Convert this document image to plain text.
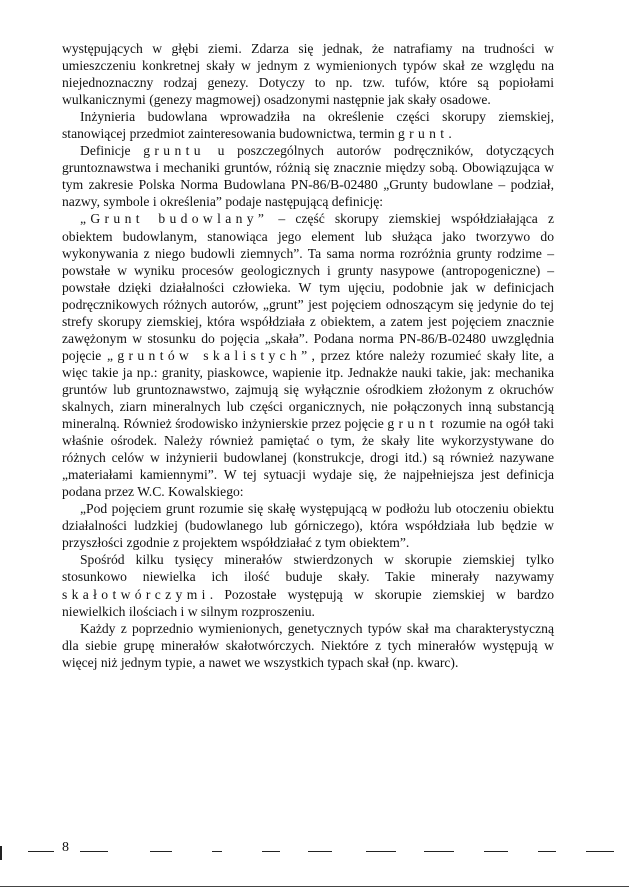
występujących w głębi ziemi. Zdarza się jednak, że natrafiamy na trudności w umieszczeniu konkretnej skały w jednym z wymienionych typów skał ze względu na niejednoznaczny rodzaj genezy. Dotyczy to np. tzw. tufów, które są popiołami wulkanicznymi (genezy magmowej) osadzonymi następnie jak skały osadowe.

Inżynieria budowlana wprowadziła na określenie części skorupy ziemskiej, stanowiącej przedmiot zainteresowania budownictwa, termin grunt.

Definicje gruntu u poszczególnych autorów podręczników, dotyczących gruntoznawstwa i mechaniki gruntów, różnią się znacznie między sobą. Obowiązująca w tym zakresie Polska Norma Budowlana PN-86/B-02480 „Grunty budowlane – podział, nazwy, symbole i określenia” podaje następującą definicję:

„Grunt budowlany” – część skorupy ziemskiej współdziałająca z obiektem budowlanym, stanowiąca jego element lub służąca jako tworzywo do wykonywania z niego budowli ziemnych”. Ta sama norma rozróżnia grunty rodzime – powstałe w wyniku procesów geologicznych i grunty nasypowe (antropogeniczne) – powstałe dzięki działalności człowieka. W tym ujęciu, podobnie jak w definicjach podręcznikowych różnych autorów, „grunt” jest pojęciem odnoszącym się jedynie do tej strefy skorupy ziemskiej, która współdziała z obiektem, a zatem jest pojęciem znacznie zawężonym w stosunku do pojęcia „skała”. Podana norma PN-86/B-02480 uwzględnia pojęcie „gruntów skalistych”, przez które należy rozumieć skały lite, a więc takie ja np.: granity, piaskowce, wapienie itp. Jednakże nauki takie, jak: mechanika gruntów lub gruntoznawstwo, zajmują się wyłącznie ośrodkiem złożonym z okruchów skalnych, ziarn mineralnych lub części organicznych, nie połączonych inną substancją mineralną. Również środowisko inżynierskie przez pojęcie grunt rozumie na ogół taki właśnie ośrodek. Należy również pamiętać o tym, że skały lite wykorzystywane do różnych celów w inżynierii budowlanej (konstrukcje, drogi itd.) są również nazywane „materiałami kamiennymi”. W tej sytuacji wydaje się, że najpełniejsza jest definicja podana przez W.C. Kowalskiego:

„Pod pojęciem grunt rozumie się skałę występującą w podłożu lub otoczeniu obiektu działalności ludzkiej (budowlanego lub górniczego), która współdziała lub będzie w przyszłości zgodnie z projektem współdziałać z tym obiektem”.

Spośród kilku tysięcy minerałów stwierdzonych w skorupie ziemskiej tylko stosunkowo niewielka ich ilość buduje skały. Takie minerały nazywamy skałotwórczymi. Pozostałe występują w skorupie ziemskiej w bardzo niewielkich ilościach i w silnym rozproszeniu.

Każdy z poprzednio wymienionych, genetycznych typów skał ma charakterystyczną dla siebie grupę minerałów skałotwórczych. Niektóre z tych minerałów występują w więcej niż jednym typie, a nawet we wszystkich typach skał (np. kwarc).

8
